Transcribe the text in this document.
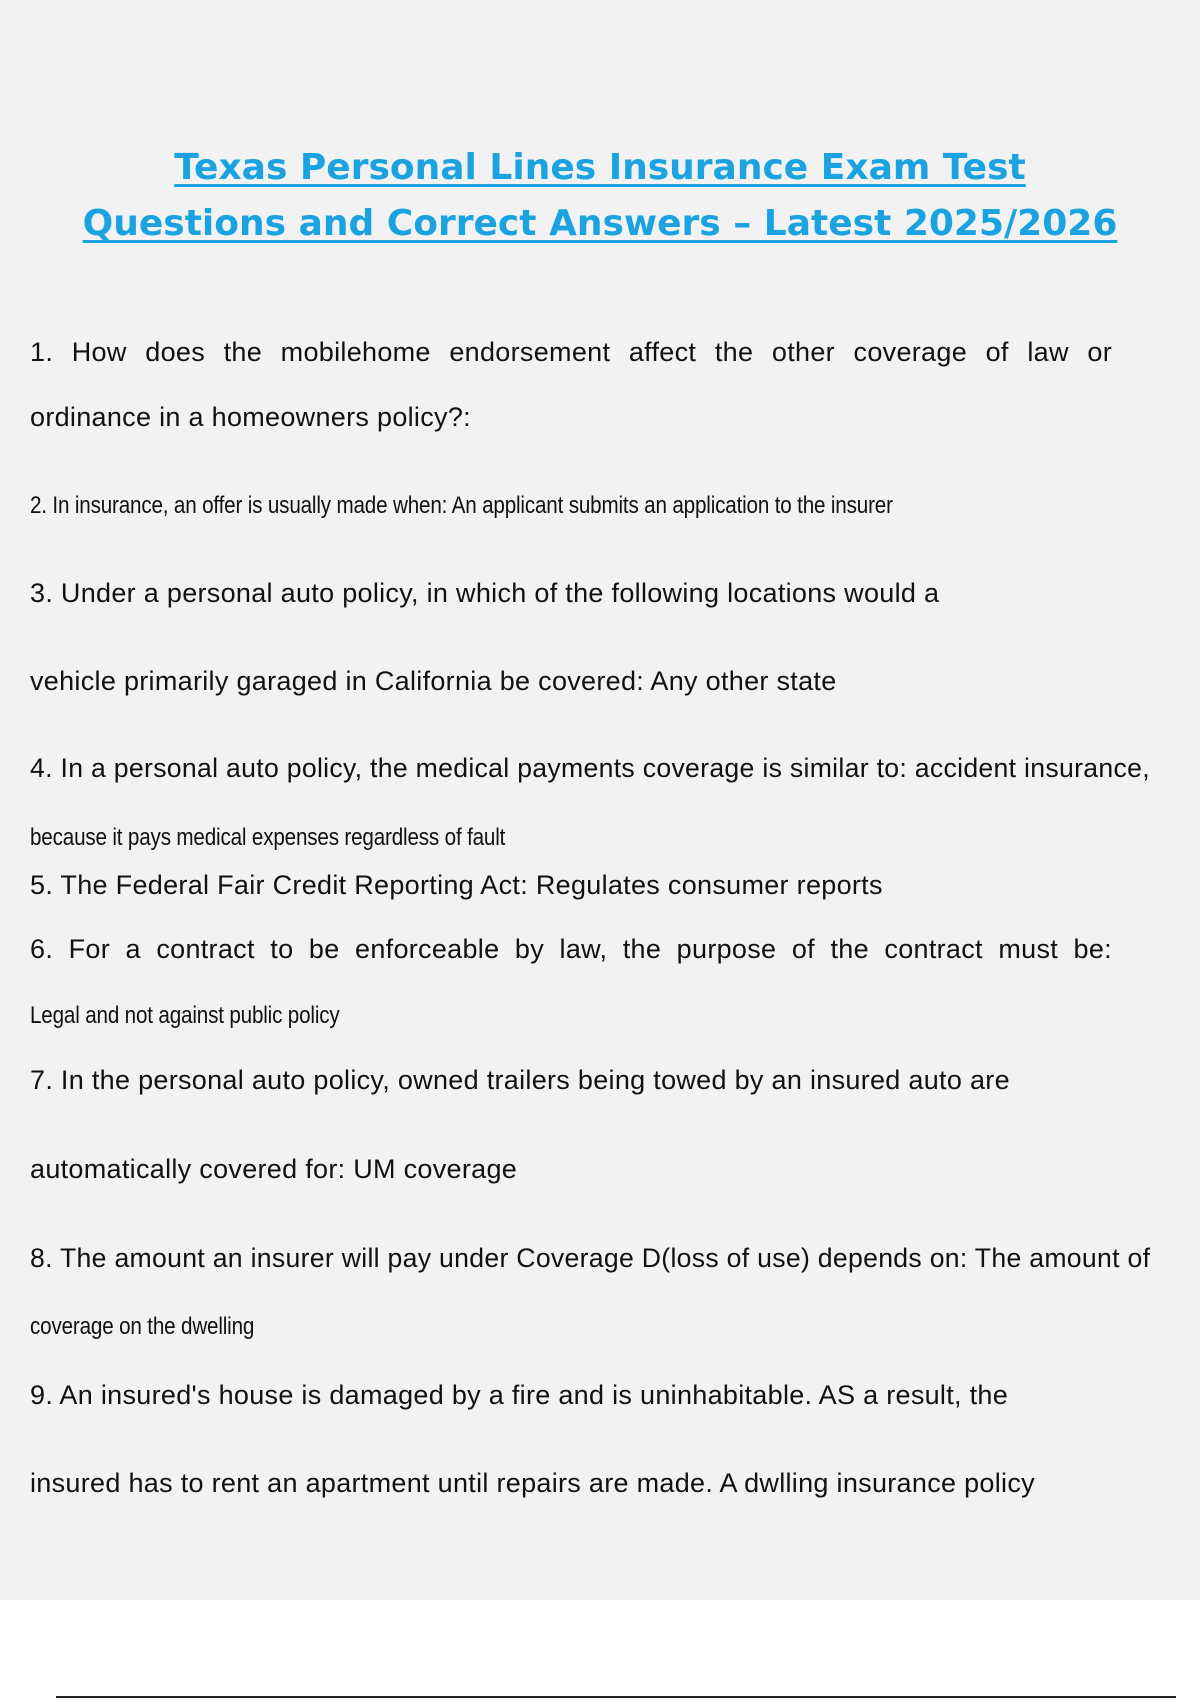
Texas Personal Lines Insurance Exam Test
Questions and Correct Answers – Latest 2025/2026

1. How does the mobilehome endorsement affect the other coverage of law or

ordinance in a homeowners policy?:

2. In insurance, an offer is usually made when: An applicant submits an application to the insurer

3. Under a personal auto policy, in which of the following locations would a

vehicle primarily garaged in California be covered: Any other state

4. In a personal auto policy, the medical payments coverage is similar to: accident insurance,

because it pays medical expenses regardless of fault

5. The Federal Fair Credit Reporting Act: Regulates consumer reports

6. For a contract to be enforceable by law, the purpose of the contract must be:

Legal and not against public policy

7. In the personal auto policy, owned trailers being towed by an insured auto are

automatically covered for: UM coverage

8. The amount an insurer will pay under Coverage D(loss of use) depends on: The amount of

coverage on the dwelling

9. An insured's house is damaged by a fire and is uninhabitable. AS a result, the

insured has to rent an apartment until repairs are made. A dwlling insurance policy
